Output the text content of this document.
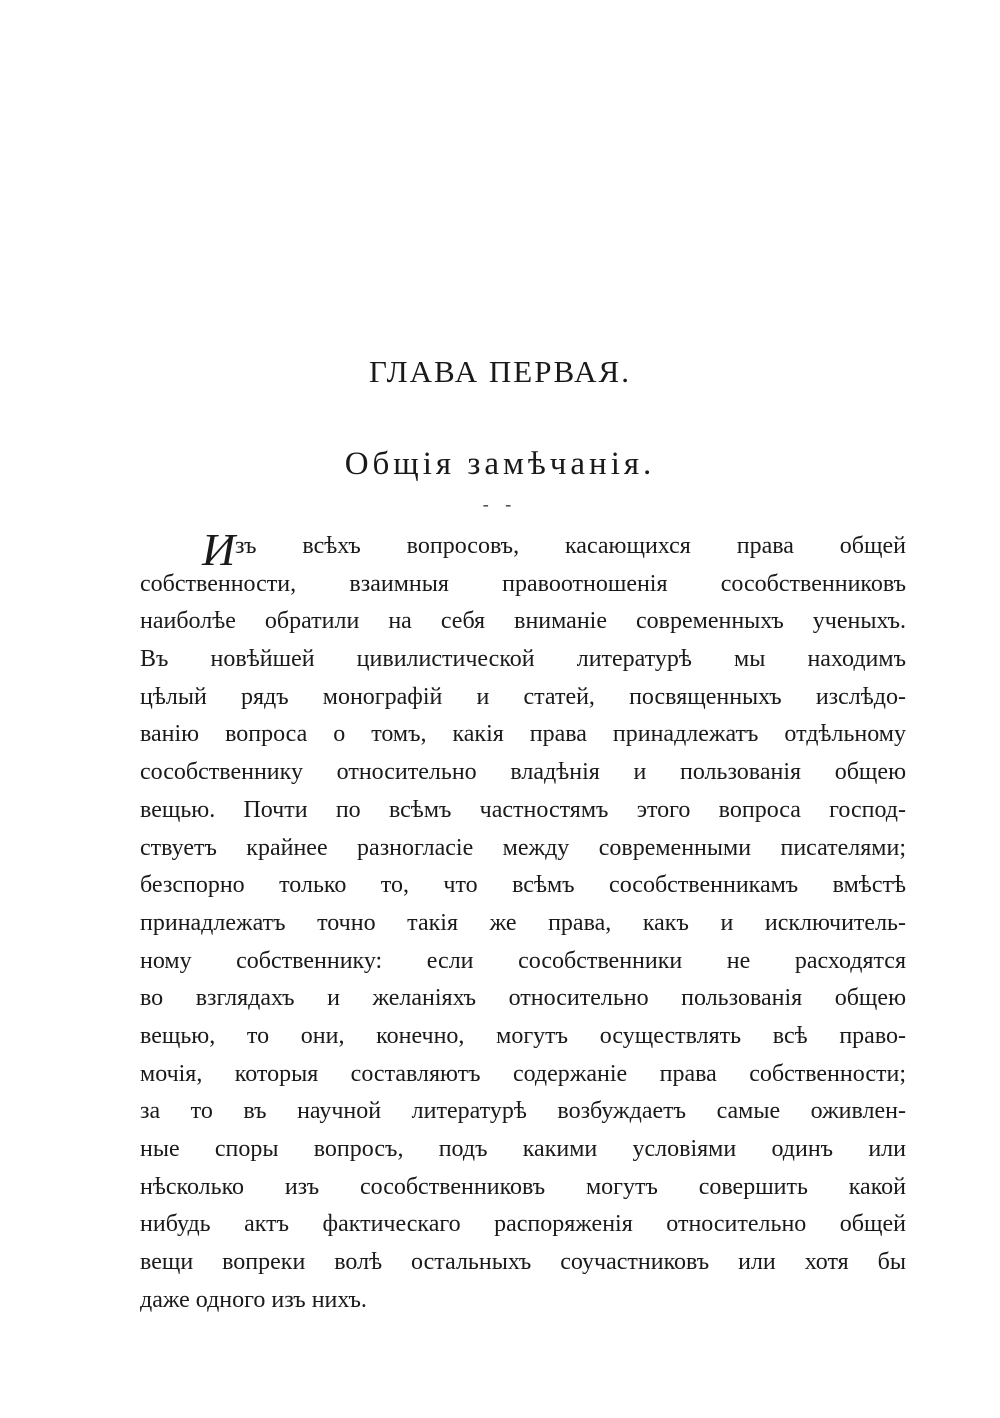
ГЛАВА ПЕРВАЯ.
Общiя замѣчанiя.
- -
И зъ всѣхъ вопросовъ, касающихся права общей
собственности, взаимныя правоотношенiя сособственниковъ
наиболѣе обратили на себя вниманiе современныхъ ученыхъ.
Въ новѣйшей цивилистической литературѣ мы находимъ
цѣлый рядъ монографiй и статей, посвященныхъ изслѣдо-
ванiю вопроса о томъ, какiя права принадлежатъ отдѣльному
сособственнику относительно владѣнiя и пользованiя общею
вещью. Почти по всѣмъ частностямъ этого вопроса господ-
ствуетъ крайнее разногласiе между современными писателями;
безспорно только то, что всѣмъ сособственникамъ вмѣстѣ
принадлежатъ точно такiя же права, какъ и исключитель-
ному собственнику: если сособственники не расходятся
во взглядахъ и желанiяхъ относительно пользованiя общею
вещью, то они, конечно, могутъ осуществлять всѣ право-
мочiя, которыя составляютъ содержанiе права собственности;
за то въ научной литературѣ возбуждаетъ самые оживлен-
ные споры вопросъ, подъ какими условiями одинъ или
нѣсколько изъ сособственниковъ могутъ совершить какой
нибудь актъ фактическаго распоряженiя относительно общей
вещи вопреки волѣ остальныхъ соучастниковъ или хотя бы
даже одного изъ нихъ.
